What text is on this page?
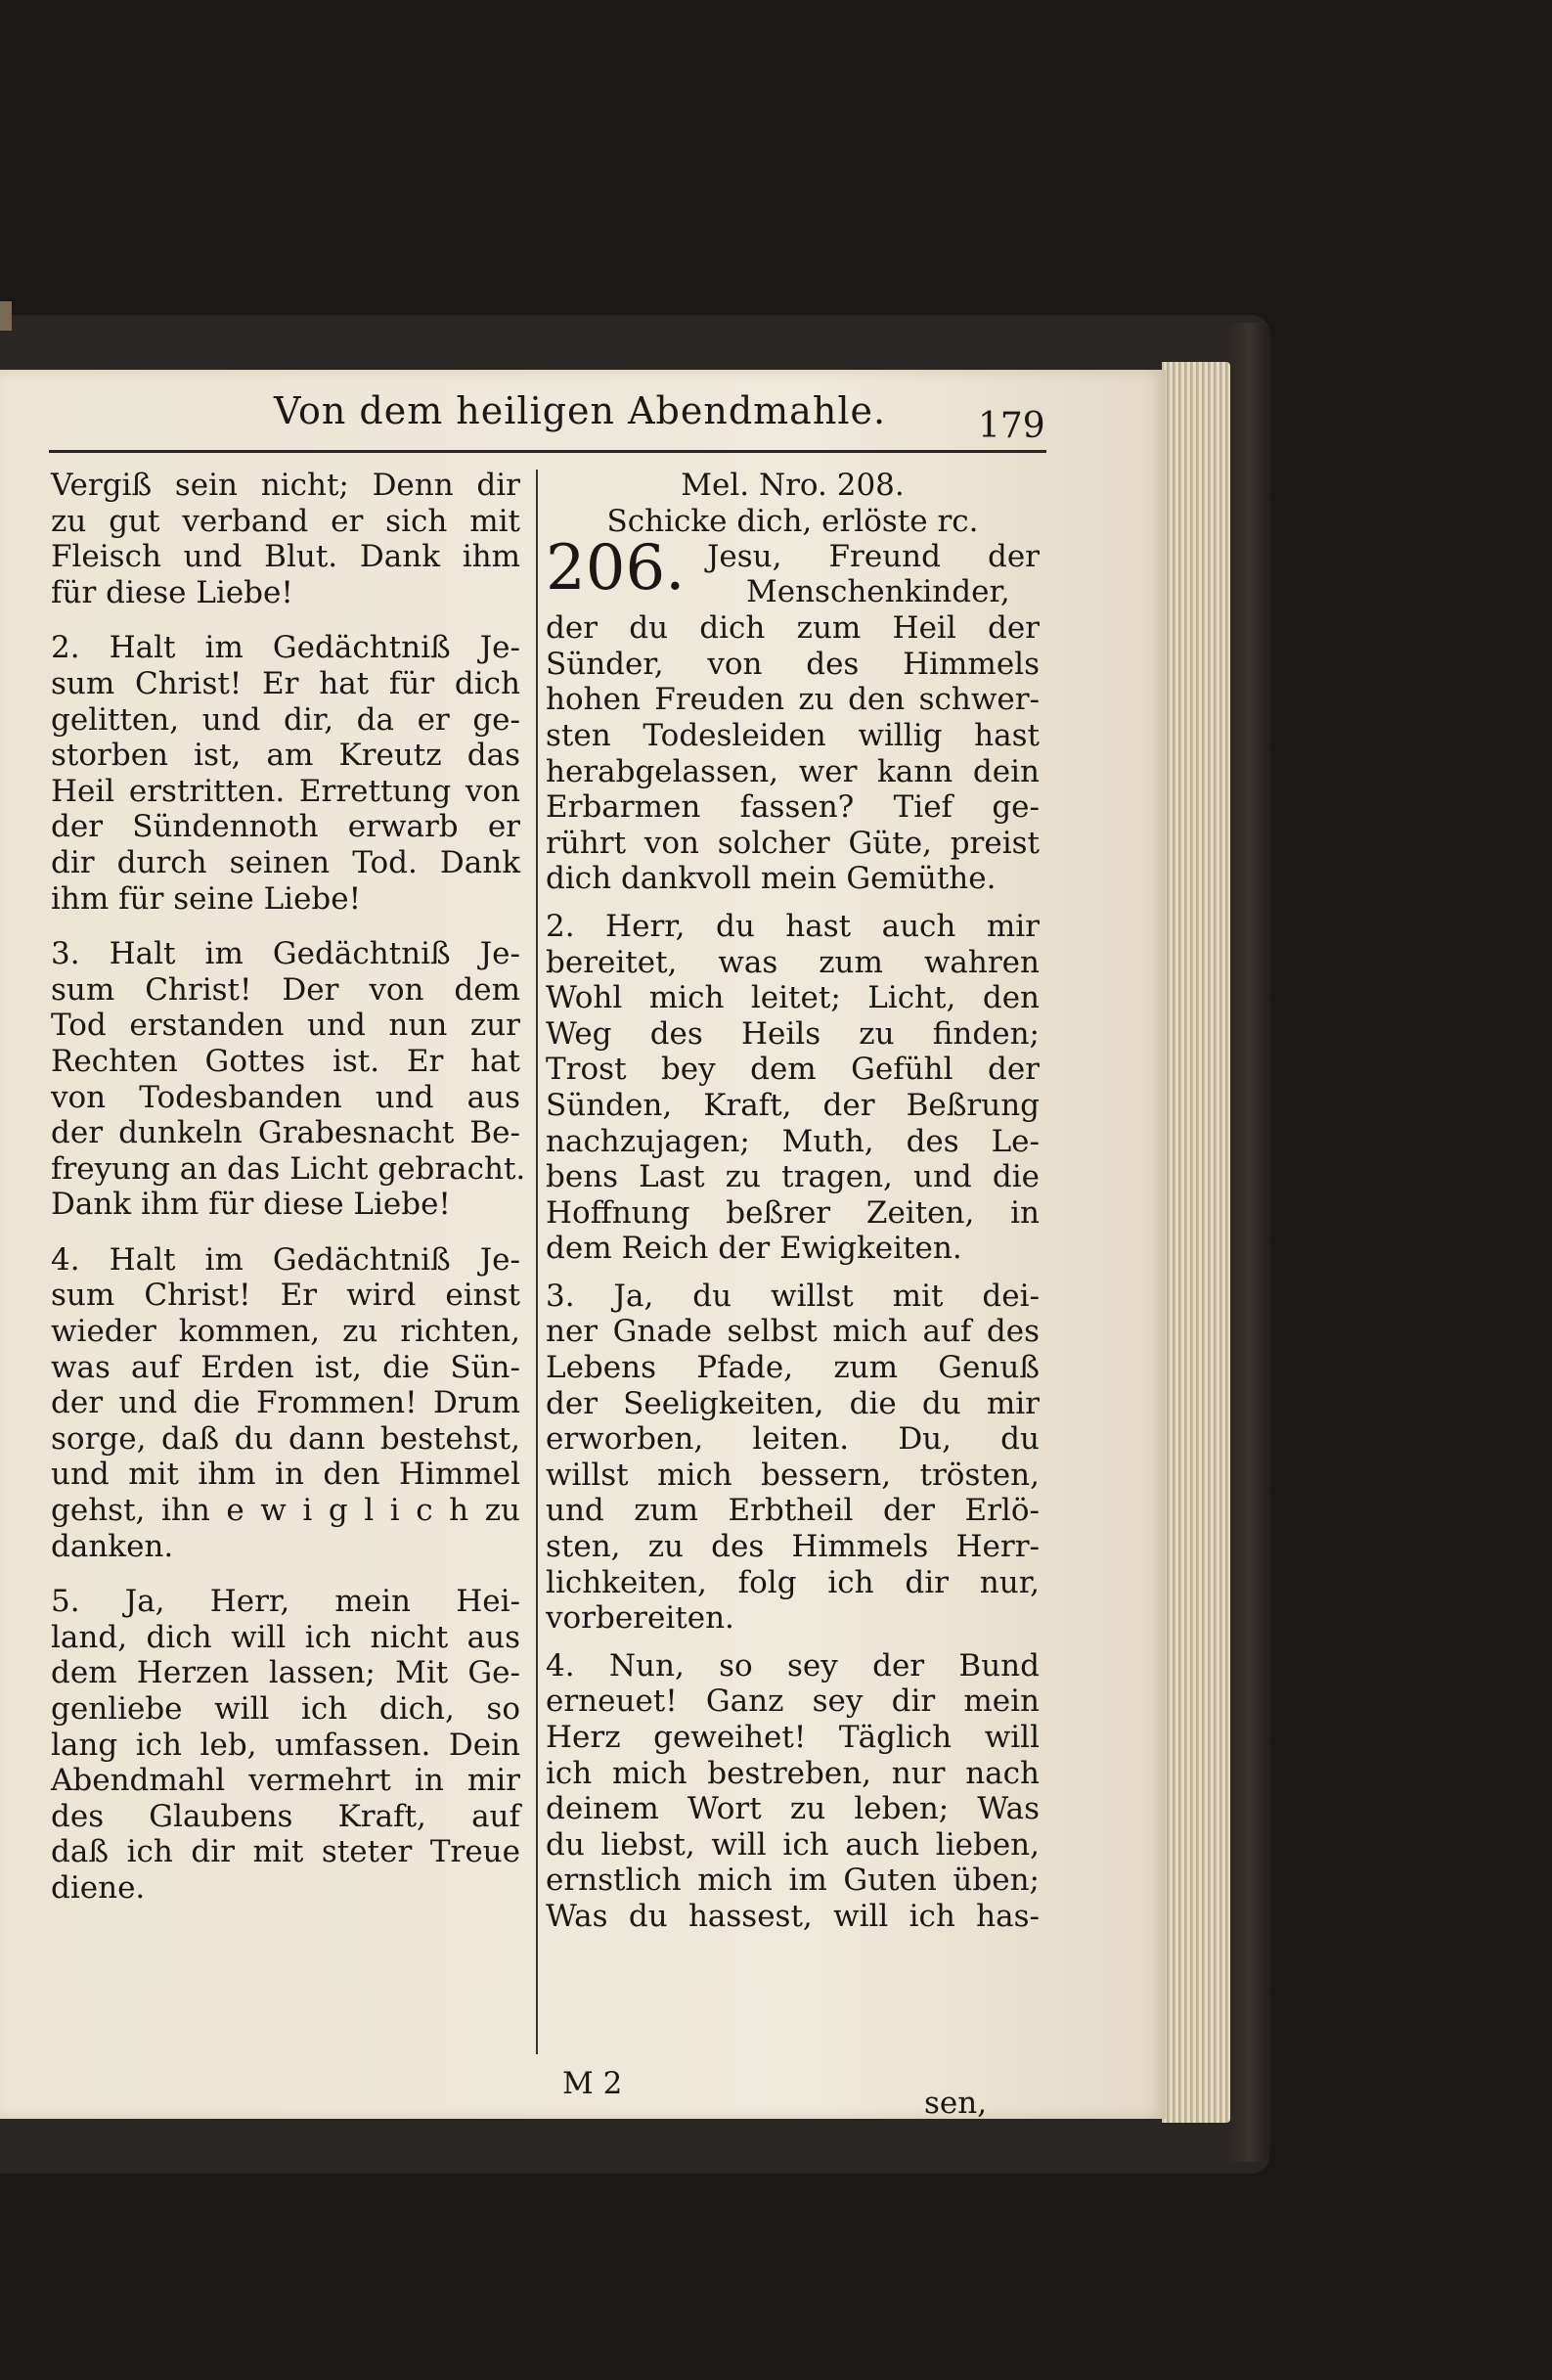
Von dem heiligen Abendmahle.	179
Vergiß sein nicht; Denn dir
zu gut verband er sich mit
Fleisch und Blut. Dank ihm
für diese Liebe!
2. Halt im Gedächtniß Je-
sum Christ! Er hat für dich
gelitten, und dir, da er ge-
storben ist, am Kreutz das
Heil erstritten. Errettung von
der Sündennoth erwarb er
dir durch seinen Tod. Dank
ihm für seine Liebe!
3. Halt im Gedächtniß Je-
sum Christ! Der von dem
Tod erstanden und nun zur
Rechten Gottes ist. Er hat
von Todesbanden und aus
der dunkeln Grabesnacht Be-
freyung an das Licht gebracht.
Dank ihm für diese Liebe!
4. Halt im Gedächtniß Je-
sum Christ! Er wird einst
wieder kommen, zu richten,
was auf Erden ist, die Sün-
der und die Frommen! Drum
sorge, daß du dann bestehst,
und mit ihm in den Himmel
gehst, ihn e w i g l i c h zu
danken.
5. Ja, Herr, mein Hei-
land, dich will ich nicht aus
dem Herzen lassen; Mit Ge-
genliebe will ich dich, so
lang ich leb, umfassen. Dein
Abendmahl vermehrt in mir
des Glaubens Kraft, auf
daß ich dir mit steter Treue
diene.
Mel. Nro. 208.
Schicke dich, erlöste rc.
206. Jesu, Freund der
Menschenkinder,
der du dich zum Heil der
Sünder, von des Himmels
hohen Freuden zu den schwer-
sten Todesleiden willig hast
herabgelassen, wer kann dein
Erbarmen fassen? Tief ge-
rührt von solcher Güte, preist
dich dankvoll mein Gemüthe.
2. Herr, du hast auch mir
bereitet, was zum wahren
Wohl mich leitet; Licht, den
Weg des Heils zu finden;
Trost bey dem Gefühl der
Sünden, Kraft, der Beßrung
nachzujagen; Muth, des Le-
bens Last zu tragen, und die
Hoffnung beßrer Zeiten, in
dem Reich der Ewigkeiten.
3. Ja, du willst mit dei-
ner Gnade selbst mich auf des
Lebens Pfade, zum Genuß
der Seeligkeiten, die du mir
erworben, leiten. Du, du
willst mich bessern, trösten,
und zum Erbtheil der Erlö-
sten, zu des Himmels Herr-
lichkeiten, folg ich dir nur,
vorbereiten.
4. Nun, so sey der Bund
erneuet! Ganz sey dir mein
Herz geweihet! Täglich will
ich mich bestreben, nur nach
deinem Wort zu leben; Was
du liebst, will ich auch lieben,
ernstlich mich im Guten üben;
Was du hassest, will ich has-
M 2
sen,
